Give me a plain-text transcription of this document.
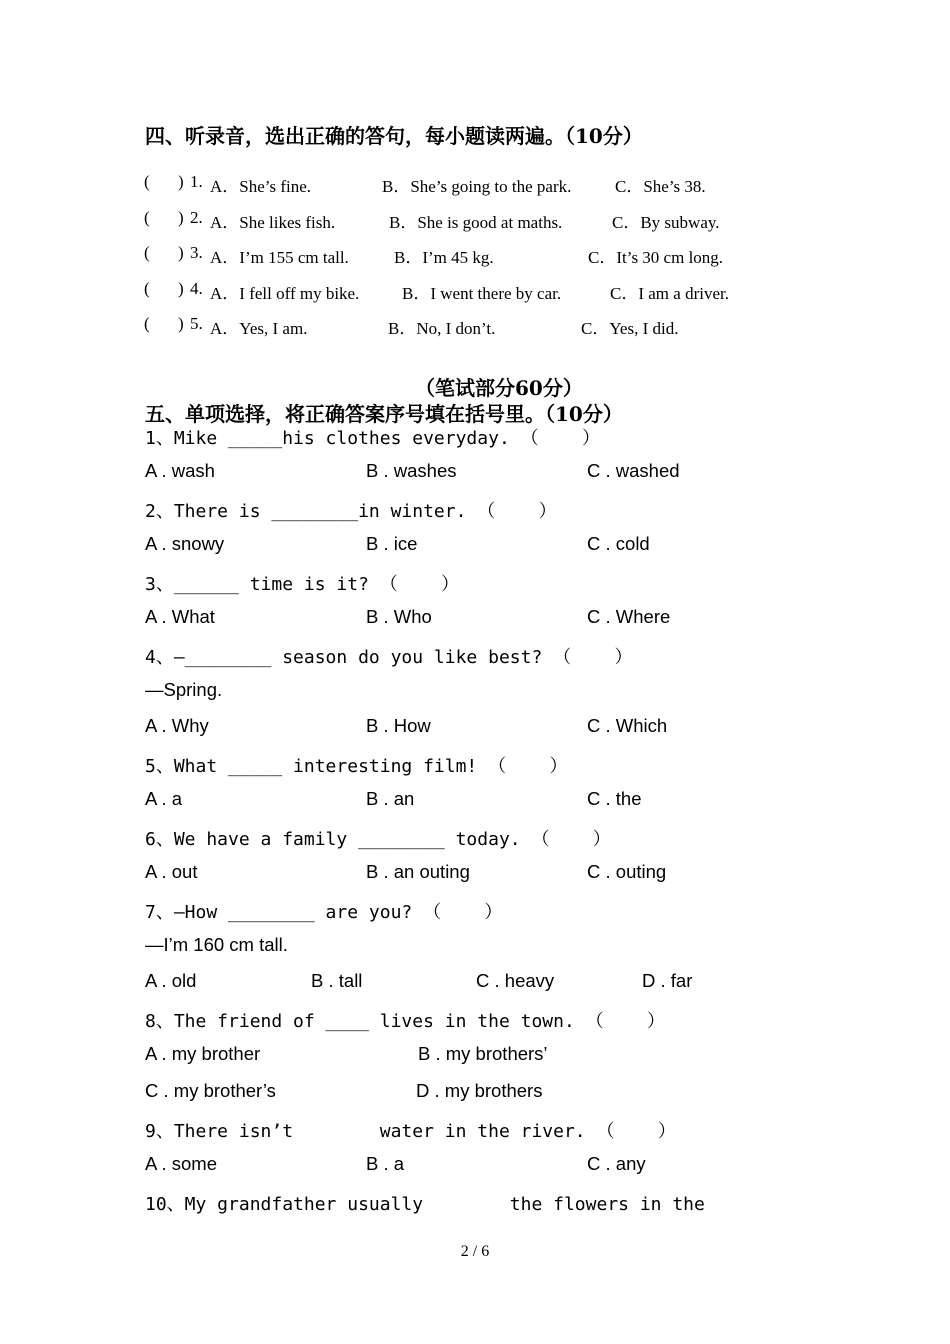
四、听录音，选出正确的答句，每小题读两遍。（10分）
( ) 1. A．She’s fine.	B．She’s going to the park.	C．She’s 38.
( ) 2. A．She likes fish.	B．She is good at maths.	C．By subway.
( ) 3. A．I’m 155 cm tall.	B．I’m 45 kg.	C．It’s 30 cm long.
( ) 4. A．I fell off my bike.	B．I went there by car.	C．I am a driver.
( ) 5. A．Yes, I am.	B．No, I don’t.	C．Yes, I did.
（笔试部分60分）
五、单项选择，将正确答案序号填在括号里。（10分）
1、Mike _____his clothes everyday. （    ）
A . wash	B . washes	C . washed
2、There is ________in winter. （    ）
A . snowy	B . ice	C . cold
3、______ time is it? （    ）
A . What	B . Who	C . Where
4、—________ season do you like best? （    ）
—Spring.
A . Why	B . How	C . Which
5、What _____ interesting film! （    ）
A . a	B . an	C . the
6、We have a family ________ today. （    ）
A . out	B . an outing	C . outing
7、—How ________ are you? （    ）
—I’m 160 cm tall.
A . old	B . tall	C . heavy	D . far
8、The friend of ____ lives in the town. （    ）
A . my brother	B . my brothers’
C . my brother’s	D . my brothers
9、There isn’t        water in the river. （    ）
A . some	B . a	C . any
10、My grandfather usually        the flowers in the
2 / 6
